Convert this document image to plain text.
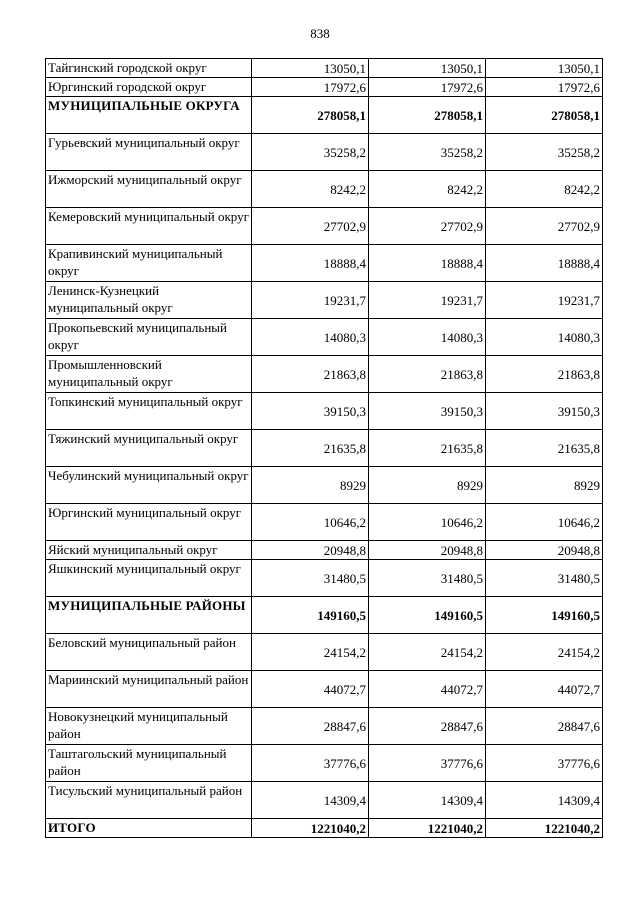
838
Тайгинский городской округ	13050,1	13050,1	13050,1
Юргинский городской округ	17972,6	17972,6	17972,6
МУНИЦИПАЛЬНЫЕ ОКРУГА	278058,1	278058,1	278058,1
Гурьевский муниципальный округ	35258,2	35258,2	35258,2
Ижморский муниципальный округ	8242,2	8242,2	8242,2
Кемеровский муниципальный округ	27702,9	27702,9	27702,9
Крапивинский муниципальный округ	18888,4	18888,4	18888,4
Ленинск-Кузнецкий муниципальный округ	19231,7	19231,7	19231,7
Прокопьевский муниципальный округ	14080,3	14080,3	14080,3
Промышленновский муниципальный округ	21863,8	21863,8	21863,8
Топкинский муниципальный округ	39150,3	39150,3	39150,3
Тяжинский муниципальный округ	21635,8	21635,8	21635,8
Чебулинский муниципальный округ	8929	8929	8929
Юргинский муниципальный округ	10646,2	10646,2	10646,2
Яйский муниципальный округ	20948,8	20948,8	20948,8
Яшкинский муниципальный округ	31480,5	31480,5	31480,5
МУНИЦИПАЛЬНЫЕ РАЙОНЫ	149160,5	149160,5	149160,5
Беловский муниципальный район	24154,2	24154,2	24154,2
Мариинский муниципальный район	44072,7	44072,7	44072,7
Новокузнецкий муниципальный район	28847,6	28847,6	28847,6
Таштагольский муниципальный район	37776,6	37776,6	37776,6
Тисульский муниципальный район	14309,4	14309,4	14309,4
ИТОГО	1221040,2	1221040,2	1221040,2
